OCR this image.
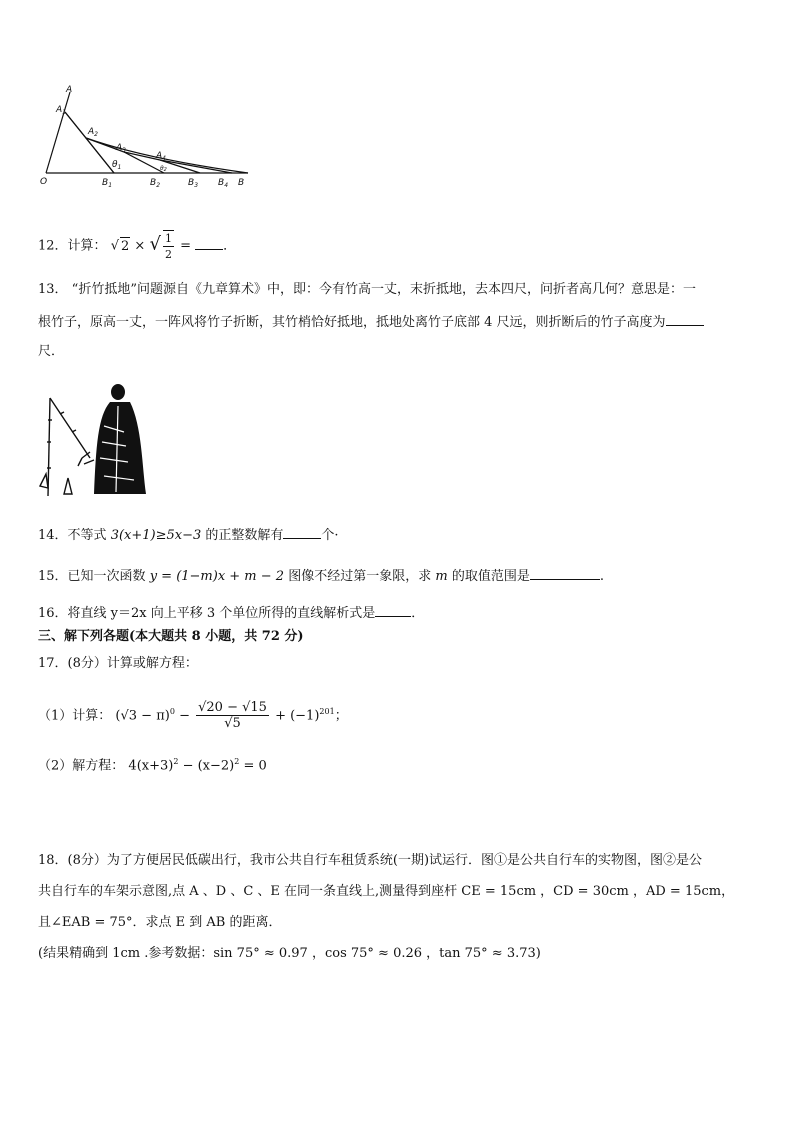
A
$A_1$
$A_2$
$A_3$
$A_4$
$\theta_1$	θ2
O	$B_1$	$B_2$	$B_3$ $B_4$ B
12．计算： √ 2 × √ $\frac{1}{2}$ = ．
13． “折竹抵地”问题源自《九章算术》中，即：今有竹高一丈，末折抵地，去本四尺，问折者高几何？意思是：一
根竹子，原高一丈，一阵风将竹子折断，其竹梢恰好抵地，抵地处离竹子底部 4 尺远，则折断后的竹子高度为
尺．
14．不等式 3(x+1)≥5x−3 的正整数解有	个·
15．已知一次函数 y = (1−m)x + m − 2 图像不经过第一象限，求 m 的取值范围是	.
16．将直线 y＝2x 向上平移 3 个单位所得的直线解析式是	．
三、解下列各题(本大题共 8 小题，共 72 分)
17．(8分）计算或解方程：
（1）计算： $(√3 - \pi)^0 - \frac{√20 - √15}{√5} + (-1)^{201}$；
（2）解方程： $4(x+3)^2 - (x-2)^2 = 0$
18．(8分）为了方便居民低碳出行，我市公共自行车租赁系统(一期)试运行．图①是公共自行车的实物图，图②是公
共自行车的车架示意图,点 A 、D 、C 、E 在同一条直线上,测量得到座杆 CE = 15cm ，CD = 30cm ，AD = 15cm，
且∠EAB = 75°．求点 E 到 AB 的距离．
(结果精确到 1cm .参考数据：sin 75° ≈ 0.97 ，cos 75° ≈ 0.26 ，tan 75° ≈ 3.73)
